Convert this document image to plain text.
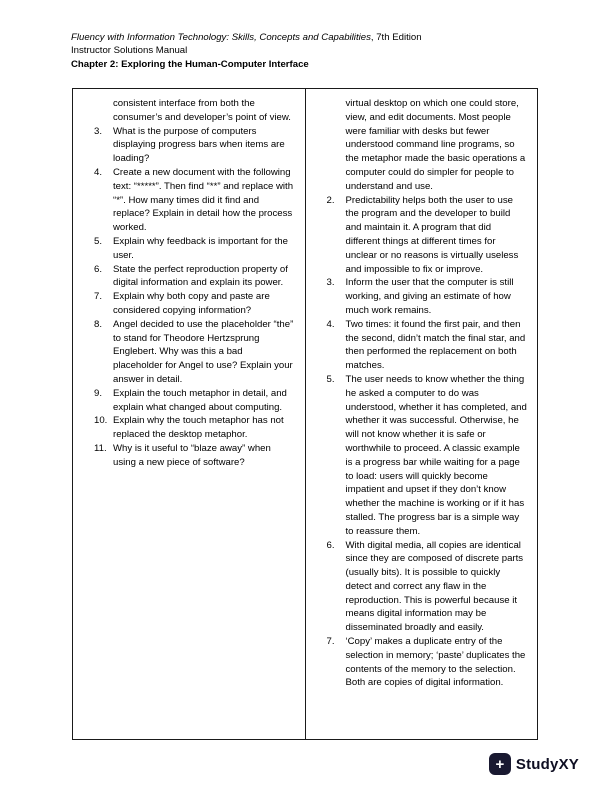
Fluency with Information Technology: Skills, Concepts and Capabilities, 7th Edition
Instructor Solutions Manual
Chapter 2: Exploring the Human-Computer Interface

consistent interface from both the consumer’s and developer’s point of view.

3.	What is the purpose of computers displaying progress bars when items are loading?
4.	Create a new document with the following text: “*****”. Then find “**” and replace with “*”. How many times did it find and replace? Explain in detail how the process worked.
5.	Explain why feedback is important for the user.
6.	State the perfect reproduction property of digital information and explain its power.
7.	Explain why both copy and paste are considered copying information?
8.	Angel decided to use the placeholder “the” to stand for Theodore Hertzsprung Englebert. Why was this a bad placeholder for Angel to use? Explain your answer in detail.
9.	Explain the touch metaphor in detail, and explain what changed about computing.
10. Explain why the touch metaphor has not replaced the desktop metaphor.
11. Why is it useful to “blaze away” when using a new piece of software?

virtual desktop on which one could store, view, and edit documents. Most people were familiar with desks but fewer understood command line programs, so the metaphor made the basic operations a computer could do simpler for people to understand and use.

2.	Predictability helps both the user to use the program and the developer to build and maintain it. A program that did different things at different times for unclear or no reasons is virtually useless and impossible to fix or improve.
3.	Inform the user that the computer is still working, and giving an estimate of how much work remains.
4.	Two times: it found the first pair, and then the second, didn’t match the final star, and then performed the replacement on both matches.
5.	The user needs to know whether the thing he asked a computer to do was understood, whether it has completed, and whether it was successful. Otherwise, he will not know whether it is safe or worthwhile to proceed. A classic example is a progress bar while waiting for a page to load: users will quickly become impatient and upset if they don’t know whether the machine is working or if it has stalled. The progress bar is a simple way to reassure them.
6.	With digital media, all copies are identical since they are composed of discrete parts (usually bits). It is possible to quickly detect and correct any flaw in the reproduction. This is powerful because it means digital information may be disseminated broadly and easily.
7.	‘Copy’ makes a duplicate entry of the selection in memory; ‘paste’ duplicates the contents of the memory to the selection. Both are copies of digital information.
+ StudyXY
